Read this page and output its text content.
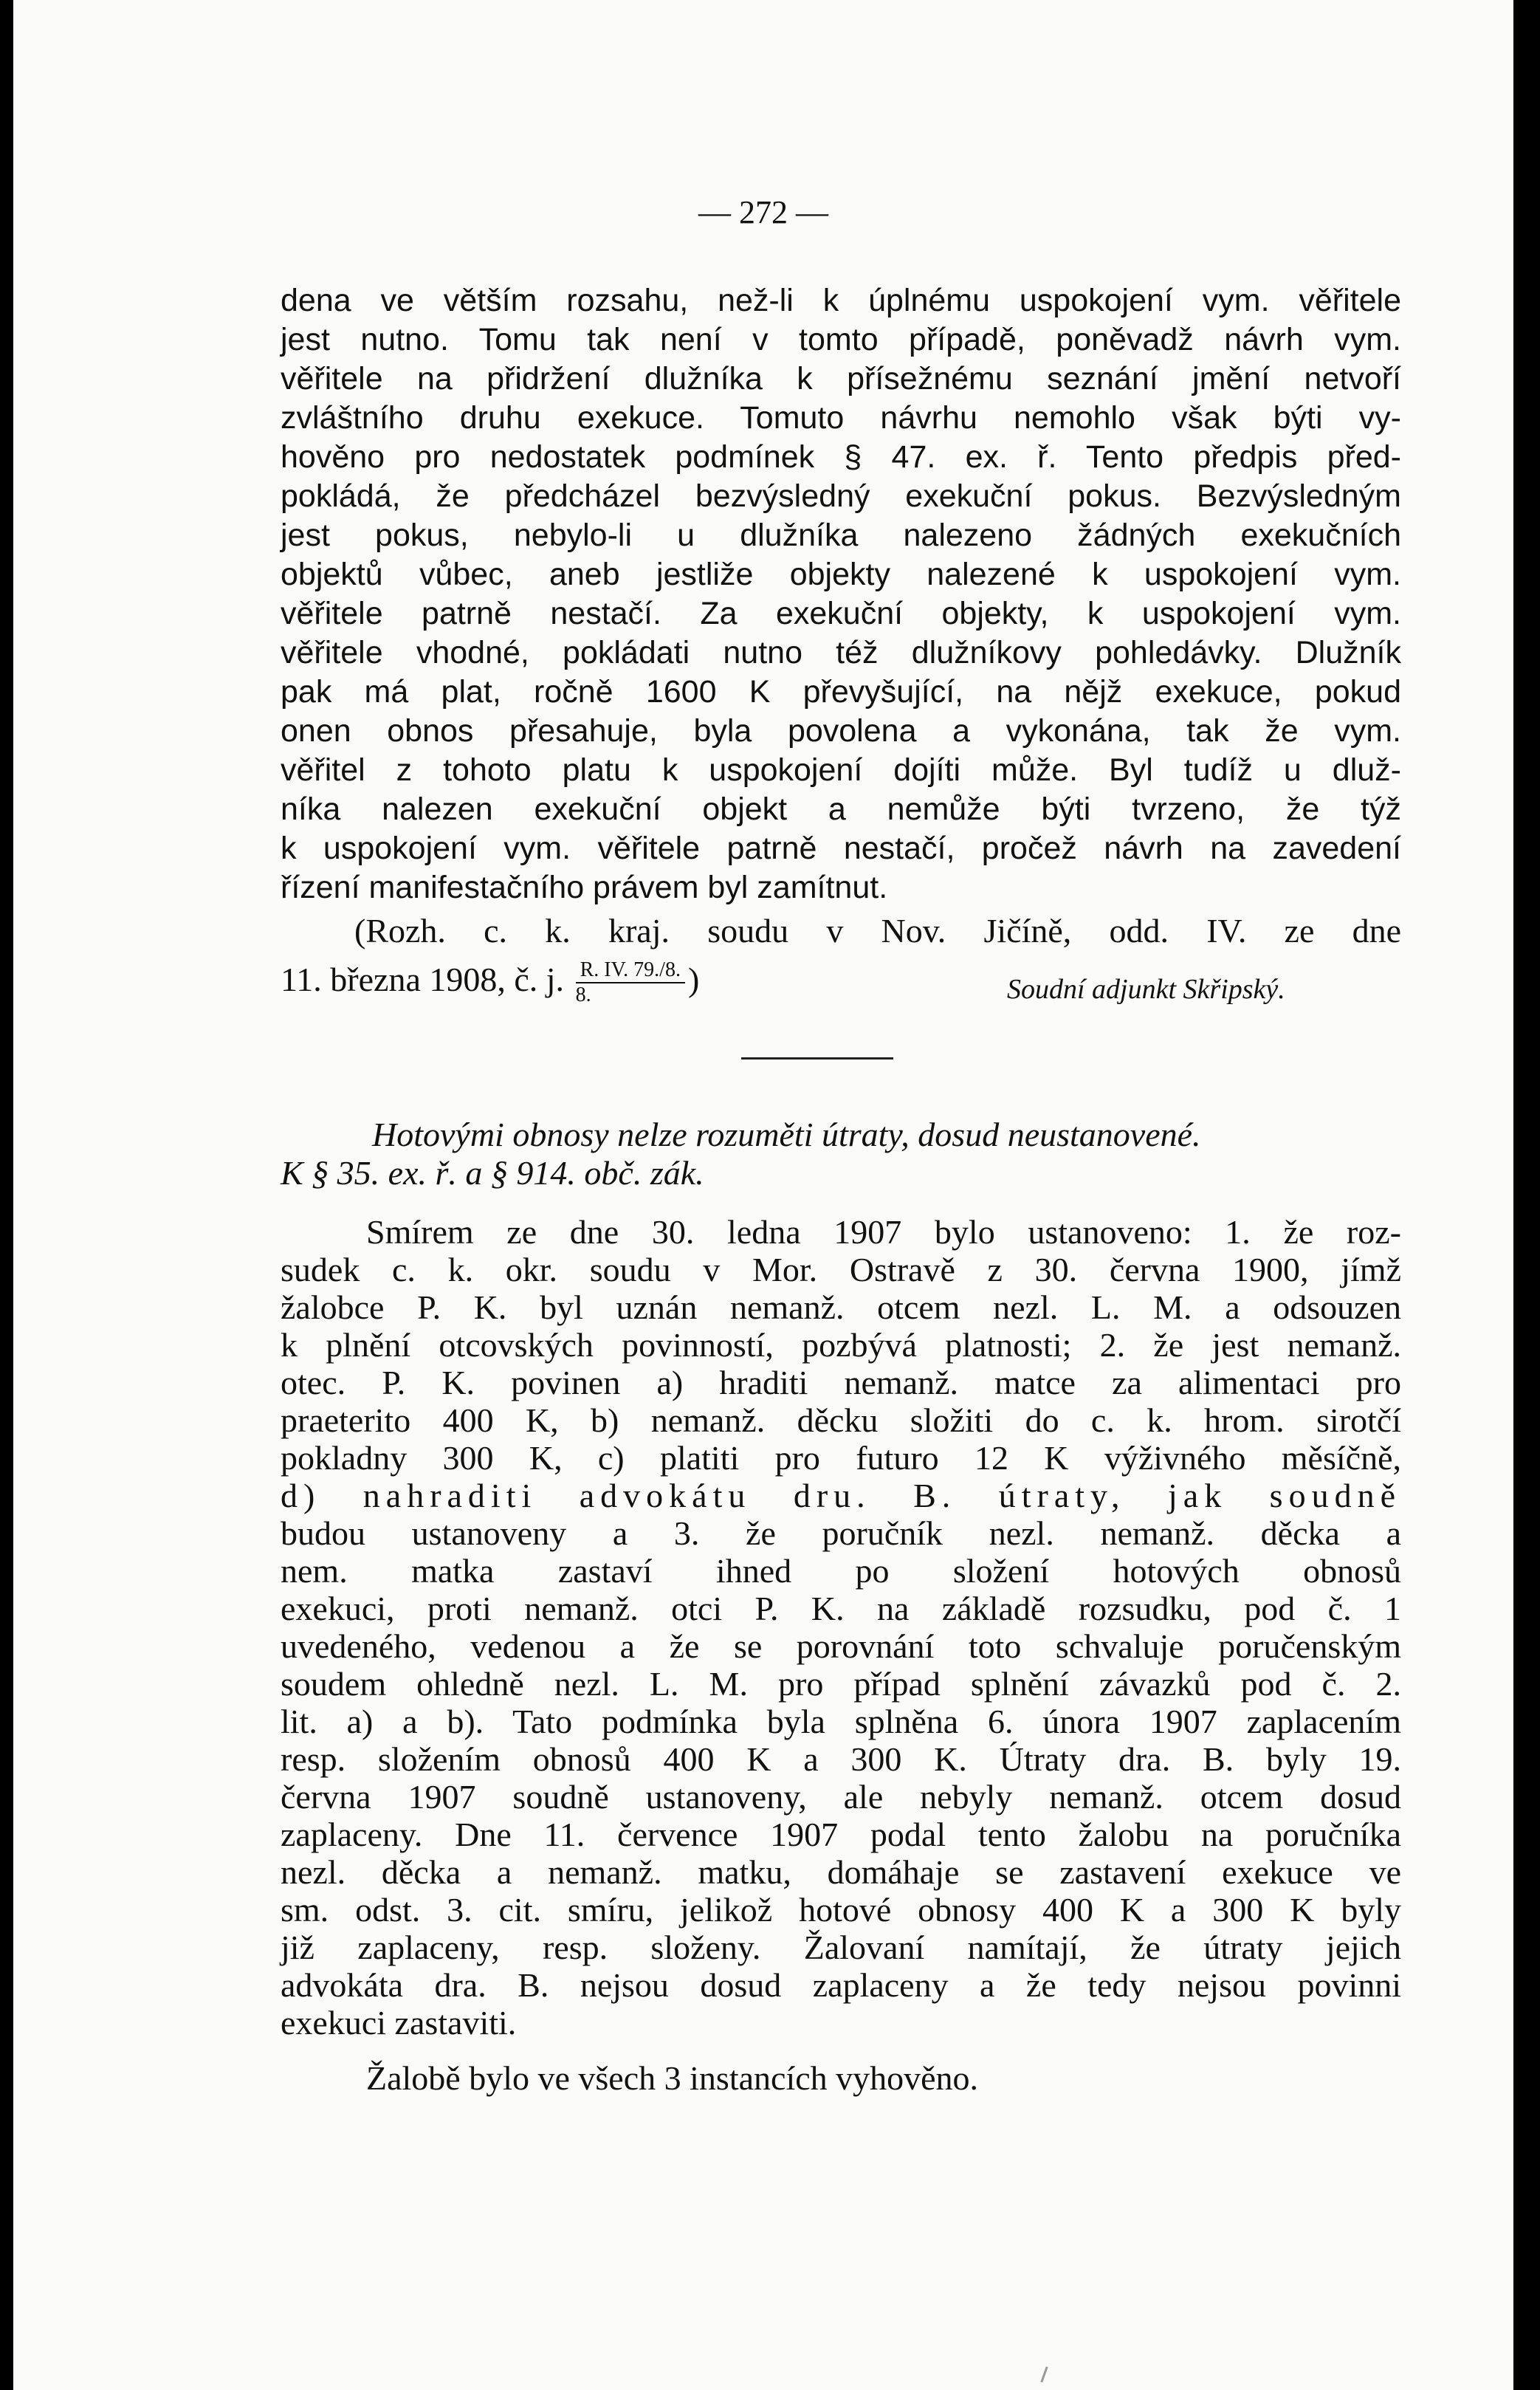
— 272 —
dena ve větším rozsahu, než-li k úplnému uspokojení vym. věřitele
jest nutno. Tomu tak není v tomto případě, poněvadž návrh vym.
věřitele na přidržení dlužníka k přísežnému seznání jmění netvoří
zvláštního druhu exekuce. Tomuto návrhu nemohlo však býti vy-
hověno pro nedostatek podmínek § 47. ex. ř. Tento předpis před-
pokládá, že předcházel bezvýsledný exekuční pokus. Bezvýsledným
jest pokus, nebylo-li u dlužníka nalezeno žádných exekučních
objektů vůbec, aneb jestliže objekty nalezené k uspokojení vym.
věřitele patrně nestačí. Za exekuční objekty, k uspokojení vym.
věřitele vhodné, pokládati nutno též dlužníkovy pohledávky. Dlužník
pak má plat, ročně 1600 K převyšující, na nějž exekuce, pokud
onen obnos přesahuje, byla povolena a vykonána, tak že vym.
věřitel z tohoto platu k uspokojení dojíti může. Byl tudíž u dluž-
níka nalezen exekuční objekt a nemůže býti tvrzeno, že týž
k uspokojení vym. věřitele patrně nestačí, pročež návrh na zavedení
řízení manifestačního právem byl zamítnut.
(Rozh. c. k. kraj. soudu v Nov. Jičíně, odd. IV. ze dne
11. března 1908, č. j. $\frac{R. IV. 79./8.}{8.}$ )	Soudní adjunkt Skřipský.
Hotovými obnosy nelze rozuměti útraty, dosud neustanovené.
K § 35. ex. ř. a § 914. obč. zák.
Smírem ze dne 30. ledna 1907 bylo ustanoveno: 1. že roz-
sudek c. k. okr. soudu v Mor. Ostravě z 30. června 1900, jímž
žalobce P. K. byl uznán nemanž. otcem nezl. L. M. a odsouzen
k plnění otcovských povinností, pozbývá platnosti; 2. že jest nemanž.
otec. P. K. povinen a) hraditi nemanž. matce za alimentaci pro
praeterito 400 K, b) nemanž. děcku složiti do c. k. hrom. sirotčí
pokladny 300 K, c) platiti pro futuro 12 K výživného měsíčně,
d) nahraditi advokátu dru. B. útraty, jak soudně
budou ustanoveny a 3. že poručník nezl. nemanž. děcka a
nem. matka zastaví ihned po složení hotových obnosů
exekuci, proti nemanž. otci P. K. na základě rozsudku, pod č. 1
uvedeného, vedenou a že se porovnání toto schvaluje poručenským
soudem ohledně nezl. L. M. pro případ splnění závazků pod č. 2.
lit. a) a b). Tato podmínka byla splněna 6. února 1907 zaplacením
resp. složením obnosů 400 K a 300 K. Útraty dra. B. byly 19.
června 1907 soudně ustanoveny, ale nebyly nemanž. otcem dosud
zaplaceny. Dne 11. července 1907 podal tento žalobu na poručníka
nezl. děcka a nemanž. matku, domáhaje se zastavení exekuce ve
sm. odst. 3. cit. smíru, jelikož hotové obnosy 400 K a 300 K byly
již zaplaceny, resp. složeny. Žalovaní namítají, že útraty jejich
advokáta dra. B. nejsou dosud zaplaceny a že tedy nejsou povinni
exekuci zastaviti.
Žalobě bylo ve všech 3 instancích vyhověno.
